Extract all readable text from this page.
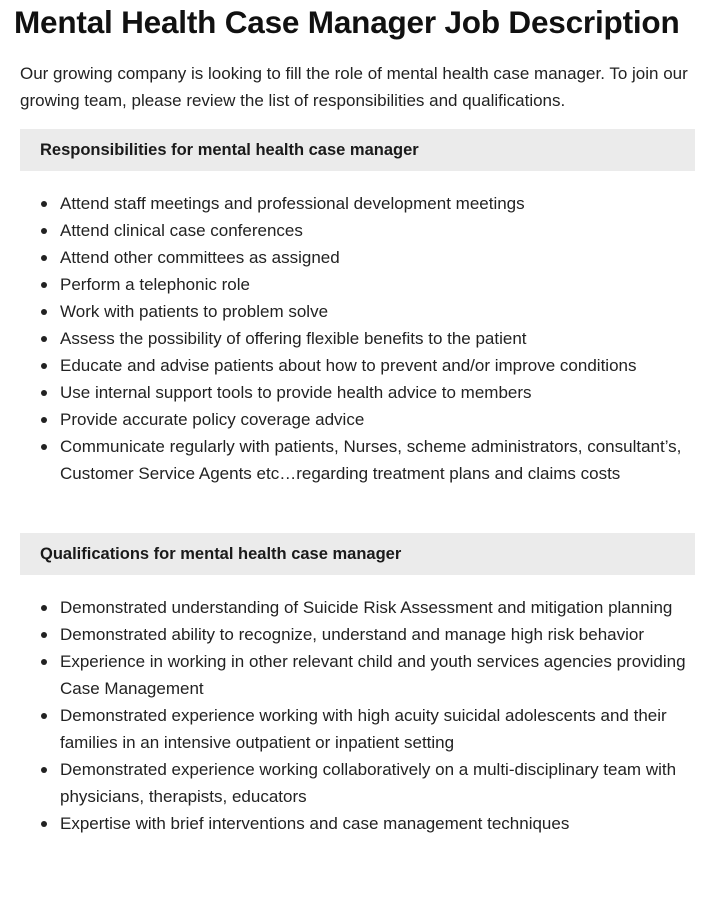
Mental Health Case Manager Job Description

Our growing company is looking to fill the role of mental health case manager. To join our growing team, please review the list of responsibilities and qualifications.

Responsibilities for mental health case manager
Attend staff meetings and professional development meetings
Attend clinical case conferences
Attend other committees as assigned
Perform a telephonic role
Work with patients to problem solve
Assess the possibility of offering flexible benefits to the patient
Educate and advise patients about how to prevent and/or improve conditions
Use internal support tools to provide health advice to members
Provide accurate policy coverage advice
Communicate regularly with patients, Nurses, scheme administrators, consultant’s, Customer Service Agents etc…regarding treatment plans and claims costs
Qualifications for mental health case manager
Demonstrated understanding of Suicide Risk Assessment and mitigation planning
Demonstrated ability to recognize, understand and manage high risk behavior
Experience in working in other relevant child and youth services agencies providing Case Management
Demonstrated experience working with high acuity suicidal adolescents and their families in an intensive outpatient or inpatient setting
Demonstrated experience working collaboratively on a multi-disciplinary team with physicians, therapists, educators
Expertise with brief interventions and case management techniques
